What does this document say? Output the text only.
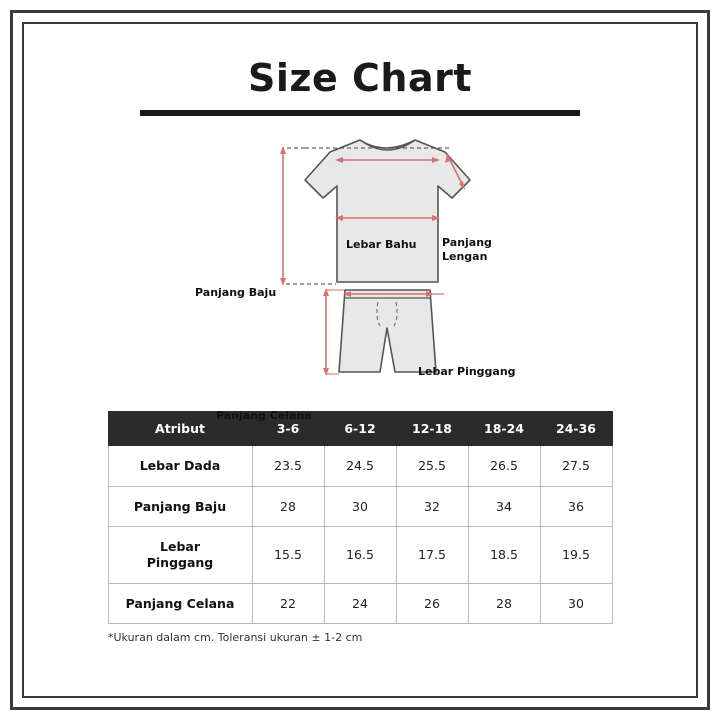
Size Chart
Lebar Bahu Panjang
Lengan
Panjang Baju
Lebar Pinggang
Panjang Celana
Atribut	3-6	6-12	12-18	18-24	24-36
Lebar Dada	23.5	24.5	25.5	26.5	27.5
Panjang Baju	28	30	32	34	36
Lebar
Pinggang	15.5	16.5	17.5	18.5	19.5
Panjang Celana	22	24	26	28	30
*Ukuran dalam cm. Toleransi ukuran ± 1-2 cm
